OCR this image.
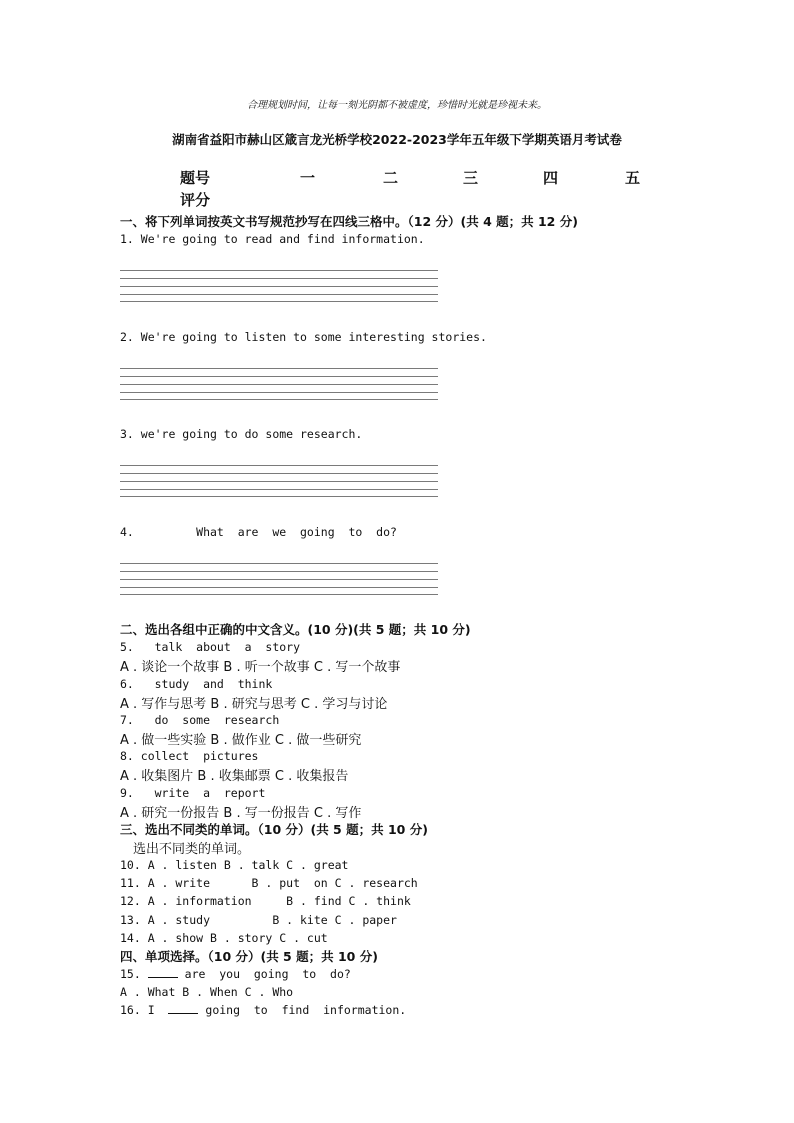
合理规划时间，让每一刻光阴都不被虚度，珍惜时光就是珍视未来。
湖南省益阳市赫山区箴言龙光桥学校2022-2023学年五年级下学期英语月考试卷
题号	一	二	三	四	五
评分
一、将下列单词按英文书写规范抄写在四线三格中。（12 分）(共 4 题；共 12 分)
1. We're going to read and find information.
2. We're going to listen to some interesting stories.
3. we're going to do some research.
4.         What  are  we  going  to  do?
二、选出各组中正确的中文含义。(10 分)(共 5 题；共 10 分)
5.   talk  about  a  story
A . 谈论一个故事 B . 听一个故事 C . 写一个故事
6.   study  and  think
A . 写作与思考 B . 研究与思考 C . 学习与讨论
7.   do  some  research
A . 做一些实验 B . 做作业 C . 做一些研究
8. collect  pictures
A . 收集图片 B . 收集邮票 C . 收集报告
9.   write  a  report
A . 研究一份报告 B . 写一份报告 C . 写作
三、选出不同类的单词。（10 分）(共 5 题；共 10 分)
选出不同类的单词。
10. A . listen B . talk C . great
11. A . write      B . put  on C . research
12. A . information     B . find C . think
13. A . study         B . kite C . paper
14. A . show B . story C . cut
四、单项选择。（10 分）(共 5 题；共 10 分)
15.	are  you  going  to  do?
A . What B . When C . Who
16. I	going  to  find  information.
